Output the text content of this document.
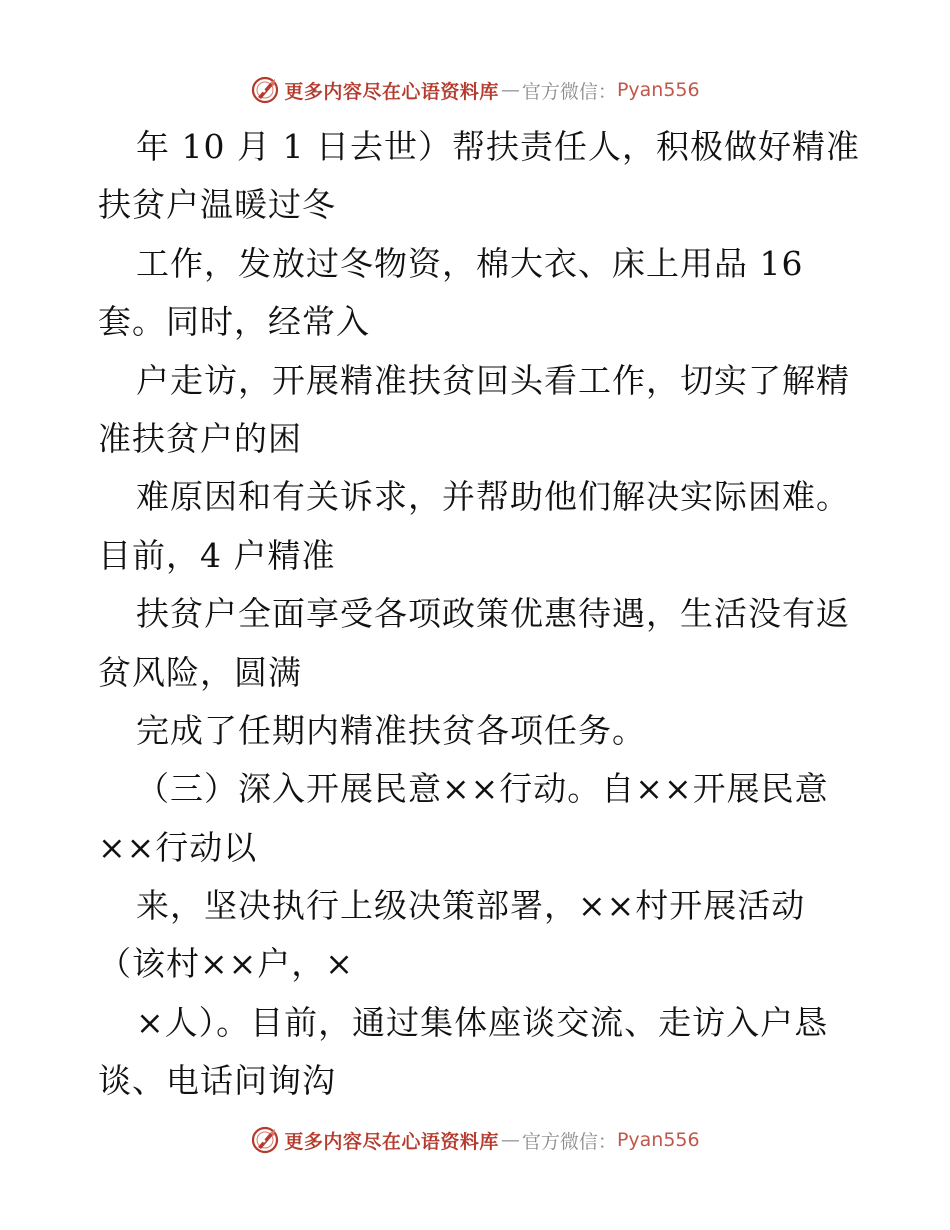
更多内容尽在心语资料库 — 官方微信： Pyan556
年 10 月 1 日去世）帮扶责任人，积极做好精准
扶贫户温暖过冬
工作，发放过冬物资，棉大衣、床上用品 16
套。同时，经常入
户走访，开展精准扶贫回头看工作，切实了解精
准扶贫户的困
难原因和有关诉求，并帮助他们解决实际困难。
目前，4 户精准
扶贫户全面享受各项政策优惠待遇，生活没有返
贫风险，圆满
完成了任期内精准扶贫各项任务。
（三）深入开展民意××行动。自××开展民意
××行动以
来，坚决执行上级决策部署，××村开展活动
（该村××户，×
×人）。目前，通过集体座谈交流、走访入户恳
谈、电话问询沟
更多内容尽在心语资料库 — 官方微信： Pyan556
